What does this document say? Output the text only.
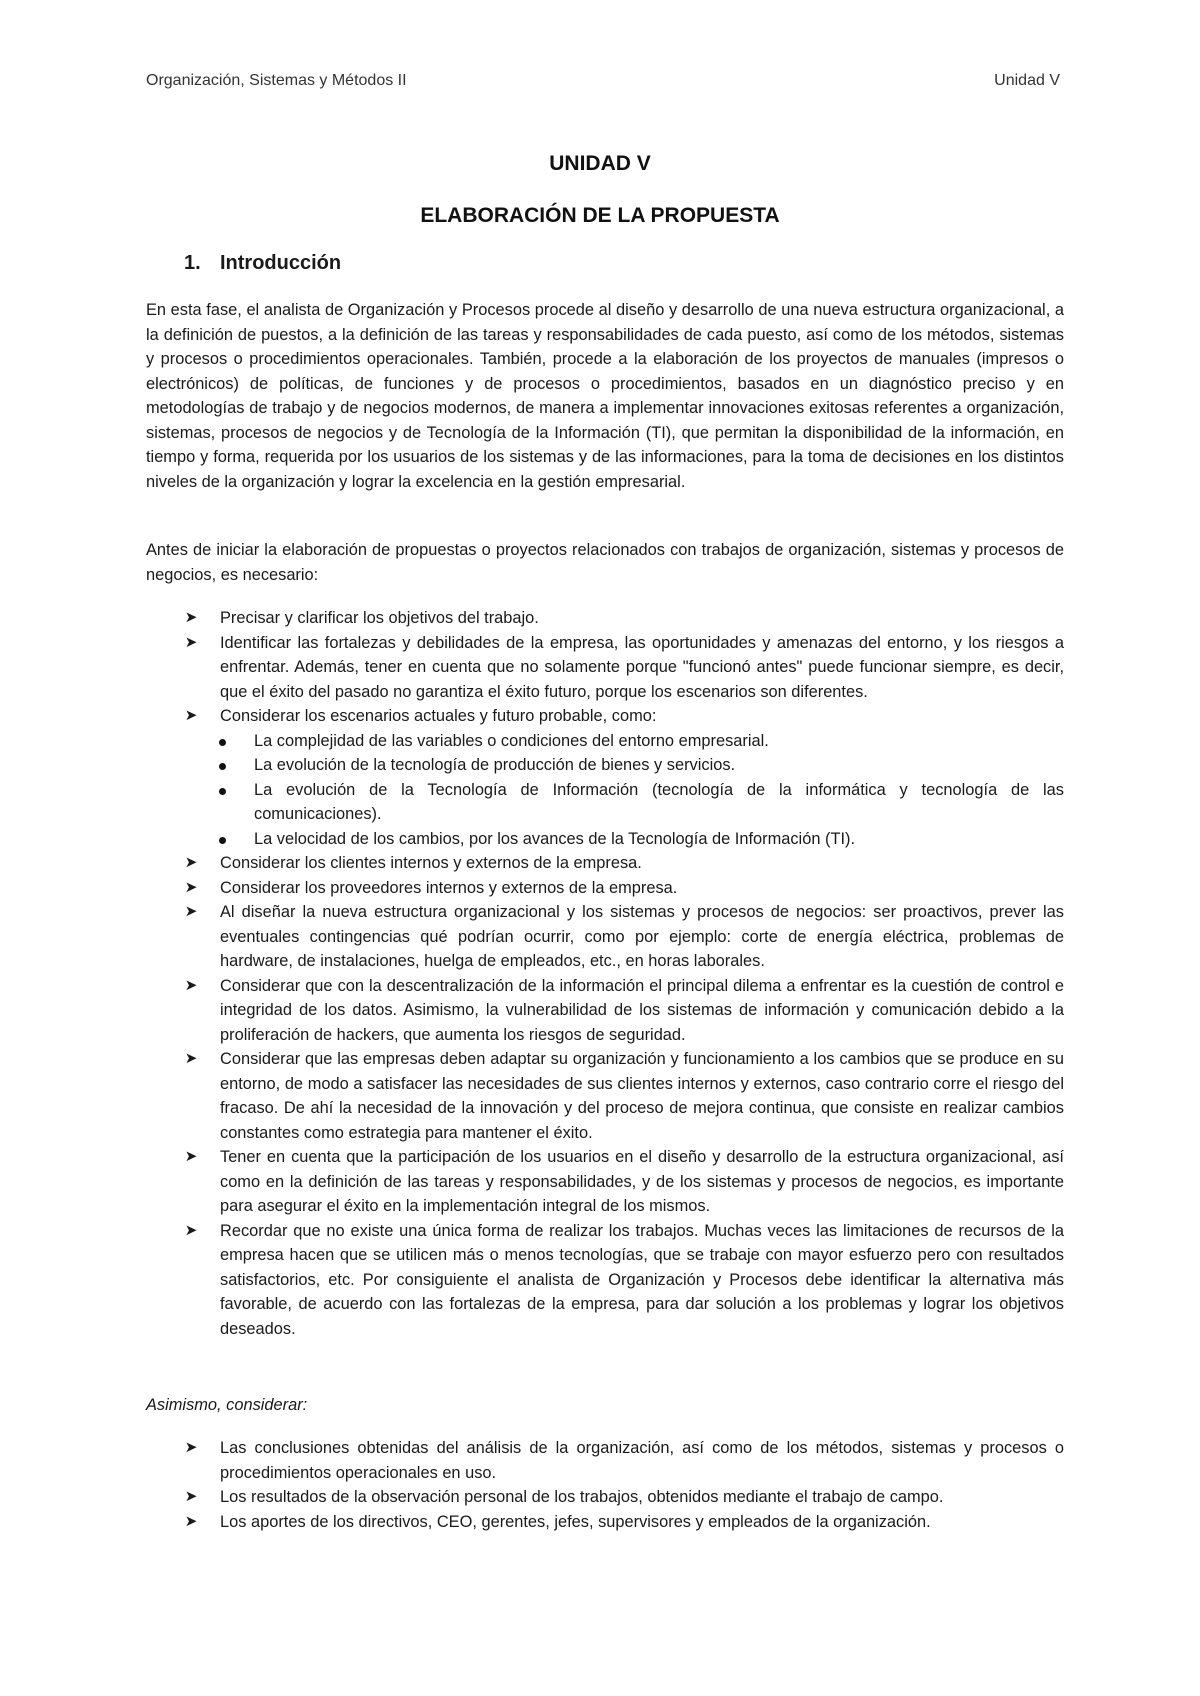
Organización, Sistemas y Métodos II	Unidad V
UNIDAD V
ELABORACIÓN DE LA PROPUESTA
1. Introducción
En esta fase, el analista de Organización y Procesos procede al diseño y desarrollo de una nueva estructura organizacional, a la definición de puestos, a la definición de las tareas y responsabilidades de cada puesto, así como de los métodos, sistemas y procesos o procedimientos operacionales. También, procede a la elaboración de los proyectos de manuales (impresos o electrónicos) de políticas, de funciones y de procesos o procedimientos, basados en un diagnóstico preciso y en metodologías de trabajo y de negocios modernos, de manera a implementar innovaciones exitosas referentes a organización, sistemas, procesos de negocios y de Tecnología de la Información (TI), que permitan la disponibilidad de la información, en tiempo y forma, requerida por los usuarios de los sistemas y de las informaciones, para la toma de decisiones en los distintos niveles de la organización y lograr la excelencia en la gestión empresarial.
Antes de iniciar la elaboración de propuestas o proyectos relacionados con trabajos de organización, sistemas y procesos de negocios, es necesario:
➤ Precisar y clarificar los objetivos del trabajo.
➤ Identificar las fortalezas y debilidades de la empresa, las oportunidades y amenazas del entorno, y los riesgos a enfrentar. Además, tener en cuenta que no solamente porque "funcionó antes" puede funcionar siempre, es decir, que el éxito del pasado no garantiza el éxito futuro, porque los escenarios son diferentes.
➤ Considerar los escenarios actuales y futuro probable, como:
La complejidad de las variables o condiciones del entorno empresarial.
La evolución de la tecnología de producción de bienes y servicios.
La evolución de la Tecnología de Información (tecnología de la informática y tecnología de las comunicaciones).
La velocidad de los cambios, por los avances de la Tecnología de Información (TI).
➤ Considerar los clientes internos y externos de la empresa.
➤ Considerar los proveedores internos y externos de la empresa.
➤ Al diseñar la nueva estructura organizacional y los sistemas y procesos de negocios: ser proactivos, prever las eventuales contingencias qué podrían ocurrir, como por ejemplo: corte de energía eléctrica, problemas de hardware, de instalaciones, huelga de empleados, etc., en horas laborales.
➤ Considerar que con la descentralización de la información el principal dilema a enfrentar es la cuestión de control e integridad de los datos. Asimismo, la vulnerabilidad de los sistemas de información y comunicación debido a la proliferación de hackers, que aumenta los riesgos de seguridad.
➤ Considerar que las empresas deben adaptar su organización y funcionamiento a los cambios que se produce en su entorno, de modo a satisfacer las necesidades de sus clientes internos y externos, caso contrario corre el riesgo del fracaso. De ahí la necesidad de la innovación y del proceso de mejora continua, que consiste en realizar cambios constantes como estrategia para mantener el éxito.
➤ Tener en cuenta que la participación de los usuarios en el diseño y desarrollo de la estructura organizacional, así como en la definición de las tareas y responsabilidades, y de los sistemas y procesos de negocios, es importante para asegurar el éxito en la implementación integral de los mismos.
➤ Recordar que no existe una única forma de realizar los trabajos. Muchas veces las limitaciones de recursos de la empresa hacen que se utilicen más o menos tecnologías, que se trabaje con mayor esfuerzo pero con resultados satisfactorios, etc. Por consiguiente el analista de Organización y Procesos debe identificar la alternativa más favorable, de acuerdo con las fortalezas de la empresa, para dar solución a los problemas y lograr los objetivos deseados.
Asimismo, considerar:
➤ Las conclusiones obtenidas del análisis de la organización, así como de los métodos, sistemas y procesos o procedimientos operacionales en uso.
➤ Los resultados de la observación personal de los trabajos, obtenidos mediante el trabajo de campo.
➤ Los aportes de los directivos, CEO, gerentes, jefes, supervisores y empleados de la organización.
